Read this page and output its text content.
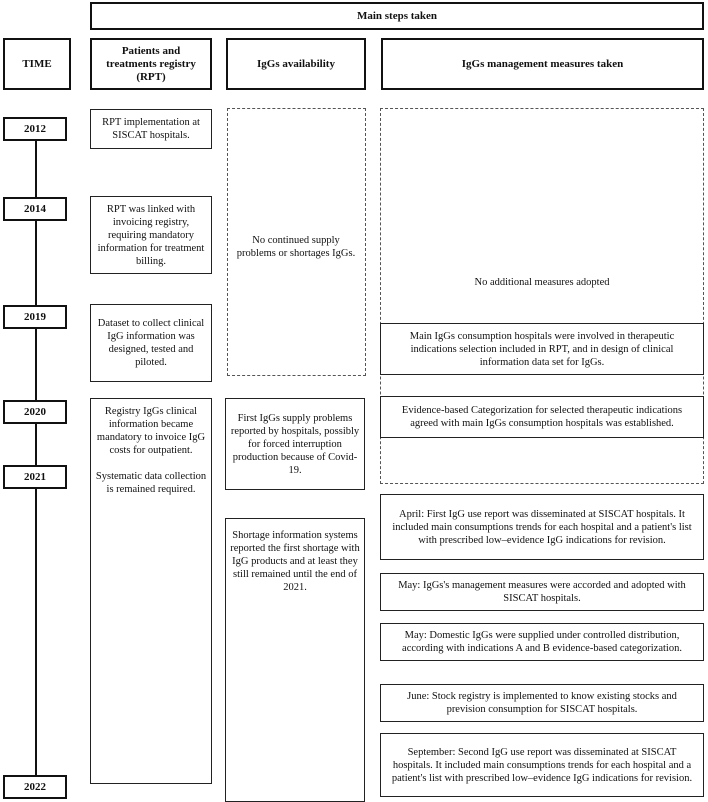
Main steps taken
TIME
Patients and treatments registry (RPT)
IgGs availability	IgGs management measures taken
2012
2014
2019
2020
2021
2022
RPT implementation at SISCAT hospitals.
RPT was linked with invoicing registry, requiring mandatory information for treatment billing.
Dataset to collect clinical IgG information was designed, tested and piloted.
Registry IgGs clinical information became mandatory to invoice IgG costs for outpatient.

Systematic data collection is remained required.
No continued supply problems or shortages IgGs.
First IgGs supply problems reported by hospitals, possibly for forced interruption production because of Covid-19.
Shortage information systems reported the first shortage with IgG products and at least they still remained until the end of 2021.
No additional measures adopted
Main IgGs consumption hospitals were involved in therapeutic indications selection included in RPT, and in design of clinical information data set for IgGs.
Evidence-based Categorization for selected therapeutic indications agreed with main IgGs consumption hospitals was established.
April: First IgG use report was disseminated at SISCAT hospitals. It included main consumptions trends for each hospital and a patient's list with prescribed low–evidence IgG indications for revision.
May: IgGs's management measures were accorded and adopted with SISCAT hospitals.
May: Domestic IgGs were supplied under controlled distribution, according with indications A and B evidence-based categorization.
June: Stock registry is implemented to know existing stocks and prevision consumption for SISCAT hospitals.
September: Second IgG use report was disseminated at SISCAT hospitals. It included main consumptions trends for each hospital and a patient's list with prescribed low–evidence IgG indications for revision.
